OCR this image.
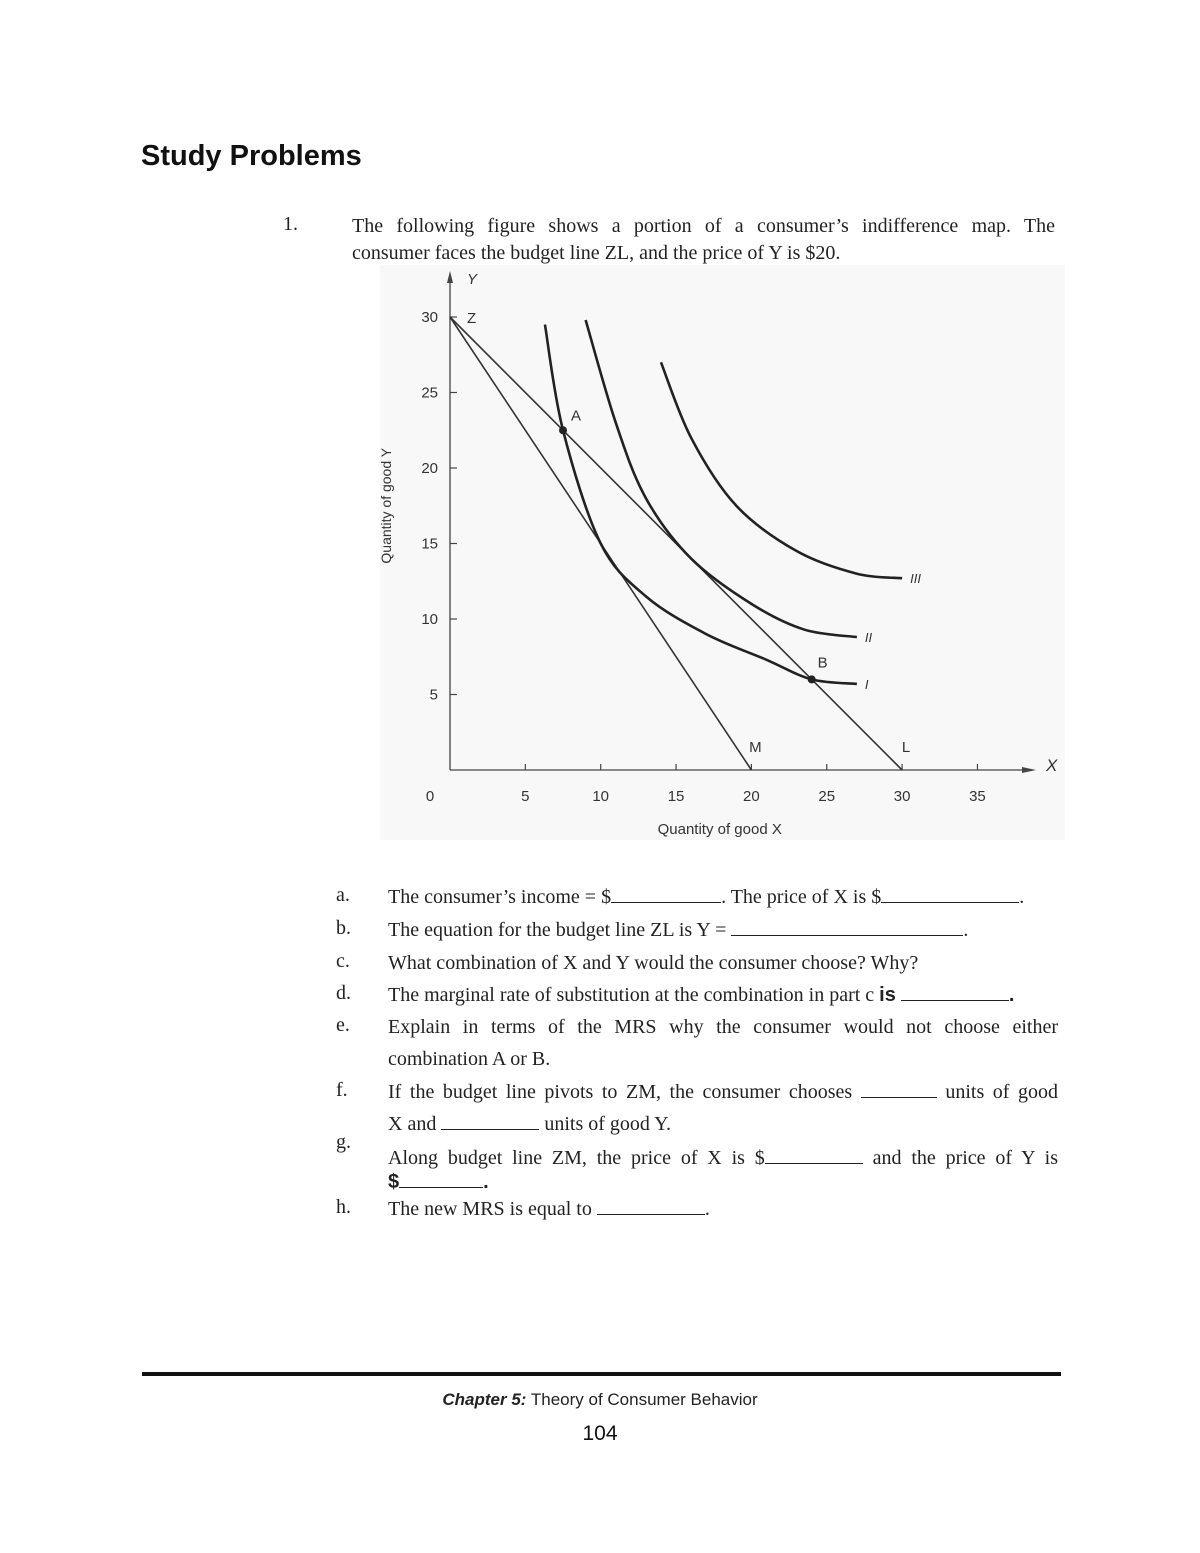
Study Problems
1.	The following figure shows a portion of a consumer’s indifference map. The
consumer faces the budget line ZL, and the price of Y is $20.
Y
X
0	5	10	15	20	25	30	35
5
10
15
20
25
30
Quantity of good X
Quantity of good Y
I
II
III
A
B
Z
M	L
a. The consumer’s income = $	. The price of X is $	.
b. The equation for the budget line ZL is Y =	.
c. What combination of X and Y would the consumer choose? Why?
d. The marginal rate of substitution at the combination in part c is	.
e. Explain in terms of the MRS why the consumer would not choose either
combination A or B.
f. If the budget line pivots to ZM, the consumer chooses	units of good
X and	units of good Y.
g.
Along budget line ZM, the price of X is $	and the price of Y is
$	.
h. The new MRS is equal to	.
Chapter 5: Theory of Consumer Behavior
104
